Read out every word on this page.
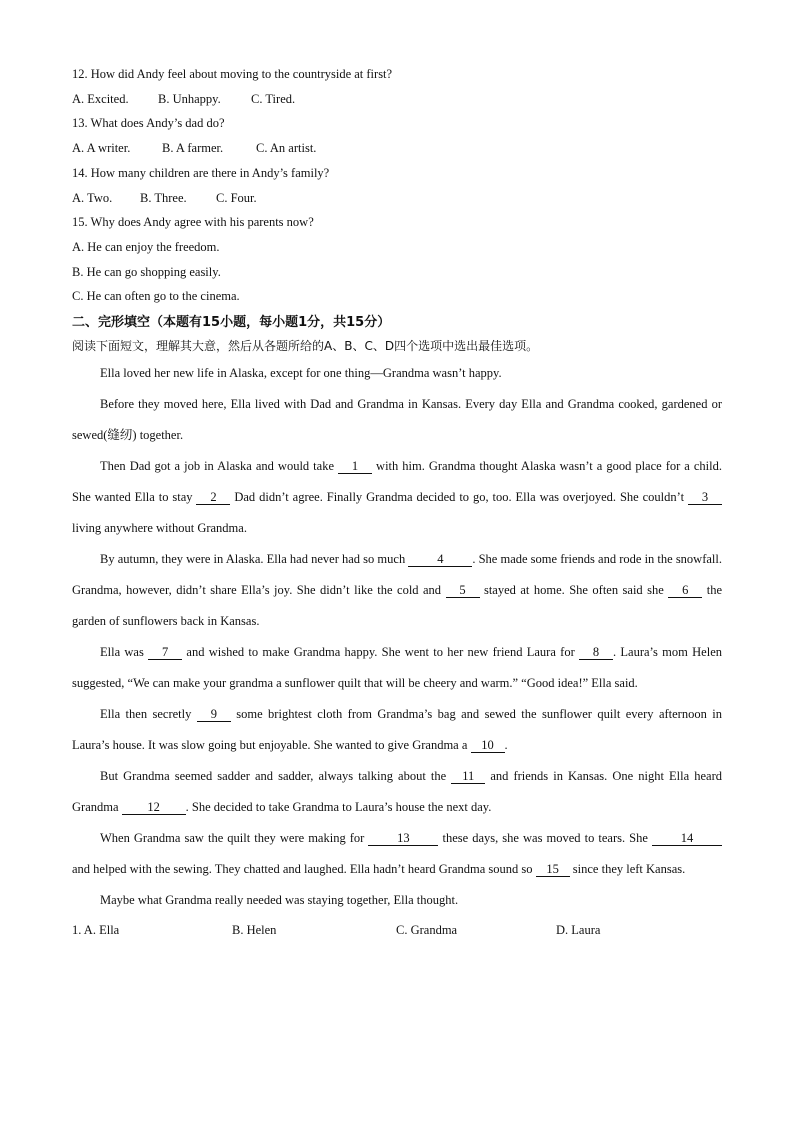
12. How did Andy feel about moving to the countryside at first?
A. Excited. B. Unhappy. C. Tired.
13. What does Andy’s dad do?
A. A writer.	B. A farmer.	C. An artist.
14. How many children are there in Andy’s family?
A. Two. B. Three. C. Four.
15. Why does Andy agree with his parents now?
A. He can enjoy the freedom.
B. He can go shopping easily.
C. He can often go to the cinema.
二、完形填空（本题有15小题，每小题1分，共15分）
阅读下面短文，理解其大意，然后从各题所给的A、B、C、D四个选项中选出最佳选项。

Ella loved her new life in Alaska, except for one thing—Grandma wasn’t happy.

Before they moved here, Ella lived with Dad and Grandma in Kansas. Every day Ella and Grandma cooked, gardened or sewed(缝纫) together.

Then Dad got a job in Alaska and would take 1 with him. Grandma thought Alaska wasn’t a good place for a child. She wanted Ella to stay 2 Dad didn’t agree. Finally Grandma decided to go, too. Ella was overjoyed. She couldn’t 3 living anywhere without Grandma.

By autumn, they were in Alaska. Ella had never had so much 4 . She made some friends and rode in the snowfall. Grandma, however, didn’t share Ella’s joy. She didn’t like the cold and 5 stayed at home. She often said she 6 the garden of sunflowers back in Kansas.

Ella was 7 and wished to make Grandma happy. She went to her new friend Laura for 8 . Laura’s mom Helen suggested, “We can make your grandma a sunflower quilt that will be cheery and warm.” “Good idea!” Ella said.

Ella then secretly 9 some brightest cloth from Grandma’s bag and sewed the sunflower quilt every afternoon in Laura’s house. It was slow going but enjoyable. She wanted to give Grandma a 10 .

But Grandma seemed sadder and sadder, always talking about the 11 and friends in Kansas. One night Ella heard Grandma 12 . She decided to take Grandma to Laura’s house the next day.

When Grandma saw the quilt they were making for 13 these days, she was moved to tears. She 14 and helped with the sewing. They chatted and laughed. Ella hadn’t heard Grandma sound so 15 since they left Kansas.

Maybe what Grandma really needed was staying together, Ella thought.

1. A. Ella	B. Helen	C. Grandma	D. Laura
